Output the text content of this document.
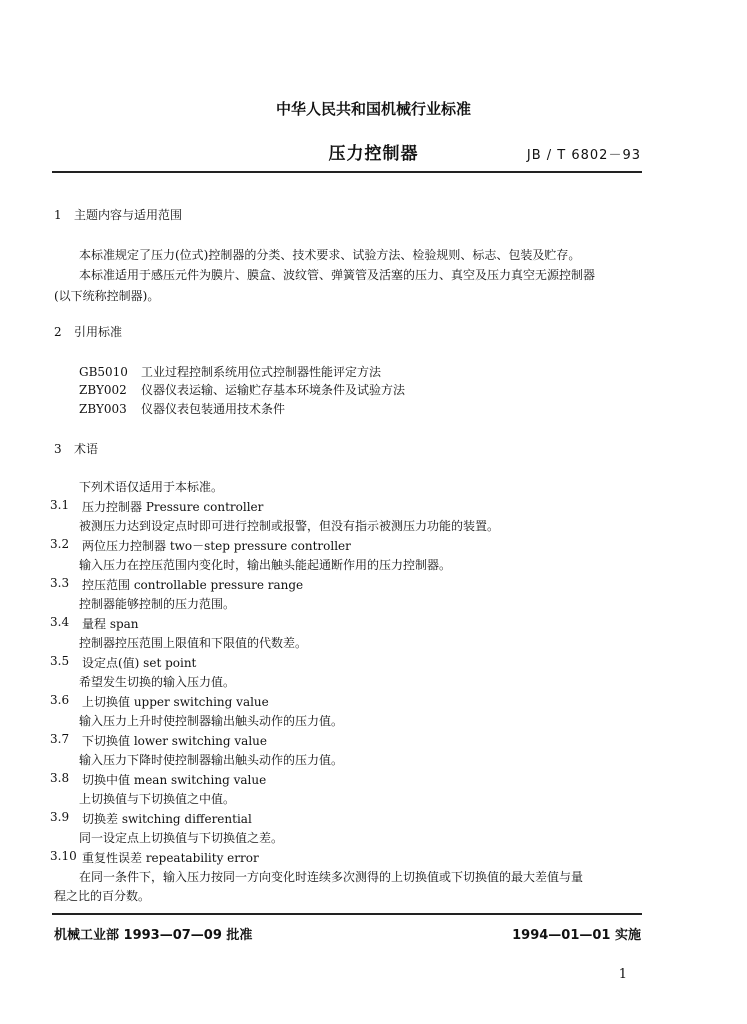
中华人民共和国机械行业标准
压力控制器	JB / T 6802－93
1 主题内容与适用范围
本标准规定了压力(位式)控制器的分类、技术要求、试验方法、检验规则、标志、包装及贮存。
本标准适用于感压元件为膜片、膜盒、波纹管、弹簧管及活塞的压力、真空及压力真空无源控制器
(以下统称控制器)。
2 引用标准
GB5010 工业过程控制系统用位式控制器性能评定方法
ZBY002 仪器仪表运输、运输贮存基本环境条件及试验方法
ZBY003 仪器仪表包装通用技术条件
3 术语
下列术语仅适用于本标准。
3.1 压力控制器 Pressure controller
被测压力达到设定点时即可进行控制或报警，但没有指示被测压力功能的装置。
3.2 两位压力控制器 two－step pressure controller
输入压力在控压范围内变化时，输出触头能起通断作用的压力控制器。
3.3 控压范围 controllable pressure range
控制器能够控制的压力范围。
3.4 量程 span
控制器控压范围上限值和下限值的代数差。
3.5 设定点(值) set point
希望发生切换的输入压力值。
3.6 上切换值 upper switching value
输入压力上升时使控制器输出触头动作的压力值。
3.7 下切换值 lower switching value
输入压力下降时使控制器输出触头动作的压力值。
3.8 切换中值 mean switching value
上切换值与下切换值之中值。
3.9 切换差 switching differential
同一设定点上切换值与下切换值之差。
3.10 重复性误差 repeatability error
在同一条件下，输入压力按同一方向变化时连续多次测得的上切换值或下切换值的最大差值与量
程之比的百分数。
机械工业部 1993—07—09 批准	1994—01—01 实施
1
